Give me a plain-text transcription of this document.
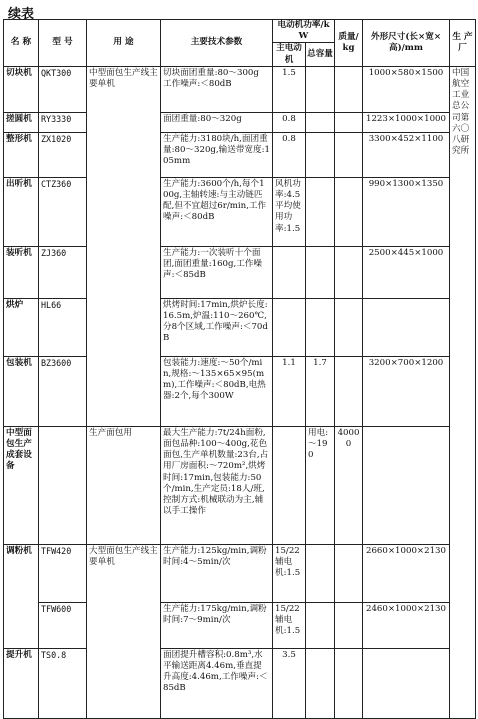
续表
名 称	型 号	用 途	主要技术参数	电动机功率/kW		质量/kg	外形尺寸(长×宽×高)/mm	生 产 厂
				主电动机	总容量			
切块机	QKT300	中型面包生产线主要单机	切块面团重量:80～300g 工作噪声:＜80dB	1.5			1000×580×1500	中国航空工业总公司第六〇八研究所
搓圆机	RY3330		面团重量:80～320g	0.8			1223×1000×1000	
整形机	ZX1020		生产能力:3180块/h,面团重量:80～320g,输送带宽度:105mm	0.8			3300×452×1100	
出听机	CTZ360		生产能力:3600个/h,每个100g,主轴转速:与主动链匹配,但不宜超过6r/min,工作噪声:＜80dB	风机功率:4.5平均使用功率:1.5			990×1300×1350	
装听机	ZJ360		生产能力:一次装听十个面团,面团重量:160g,工作噪声:＜85dB				2500×445×1000	
烘炉	HL66		烘烤时间:17min,烘炉长度:16.5m,炉温:110～260℃,分8个区域,工作噪声:＜70dB					
包装机	BZ3600		包装能力:速度:～50个/min,规格:～135×65×95(mm),工作噪声:＜80dB,电热器:2个,每个300W	1.1	1.7		3200×700×1200	
中型面包生产成套设备		生产面包用	最大生产能力:7t/24h面粉,面包品种:100～400g,花色面包,生产单机数量:23台,占用厂房面积:～720m²,烘烤时间:17min,包装能力:50个/min,生产定员:18人/班,控制方式:机械联动为主,辅以手工操作		用电:～190	40000		
调粉机	TFW420	大型面包生产线主要单机	生产能力:125kg/min,调粉时间:4～5min/次	15/22辅电机:1.5			2660×1000×2130	
	TFW600		生产能力:175kg/min,调粉时间:7～9min/次	15/22辅电机:1.5			2460×1000×2130	
提升机	TS0.8		面团提升槽容积:0.8m³,水平输送距离4.46m,垂直提升高度:4.46m,工作噪声:＜85dB	3.5				
